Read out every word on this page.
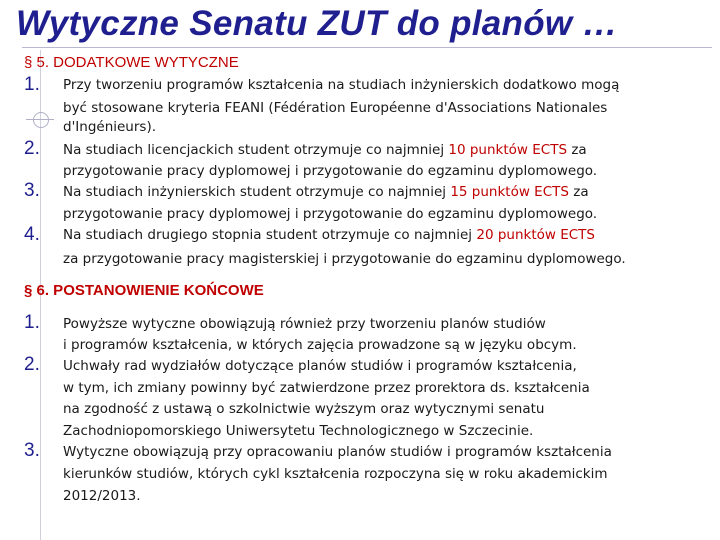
Wytyczne Senatu ZUT do planów …
§ 5. DODATKOWE WYTYCZNE
1. Przy tworzeniu programów kształcenia na studiach inżynierskich dodatkowo mogą
być stosowane kryteria FEANI (Fédération Européenne d'Associations Nationales
d'Ingénieurs).
2. Na studiach licencjackich student otrzymuje co najmniej 10 punktów ECTS za
przygotowanie pracy dyplomowej i przygotowanie do egzaminu dyplomowego.
3. Na studiach inżynierskich student otrzymuje co najmniej 15 punktów ECTS za
przygotowanie pracy dyplomowej i przygotowanie do egzaminu dyplomowego.
4. Na studiach drugiego stopnia student otrzymuje co najmniej 20 punktów ECTS
za przygotowanie pracy magisterskiej i przygotowanie do egzaminu dyplomowego.
§ 6. POSTANOWIENIE KOŃCOWE
1. Powyższe wytyczne obowiązują również przy tworzeniu planów studiów
i programów kształcenia, w których zajęcia prowadzone są w języku obcym.
2. Uchwały rad wydziałów dotyczące planów studiów i programów kształcenia,
w tym, ich zmiany powinny być zatwierdzone przez prorektora ds. kształcenia
na zgodność z ustawą o szkolnictwie wyższym oraz wytycznymi senatu
Zachodniopomorskiego Uniwersytetu Technologicznego w Szczecinie.
3. Wytyczne obowiązują przy opracowaniu planów studiów i programów kształcenia
kierunków studiów, których cykl kształcenia rozpoczyna się w roku akademickim
2012/2013.
